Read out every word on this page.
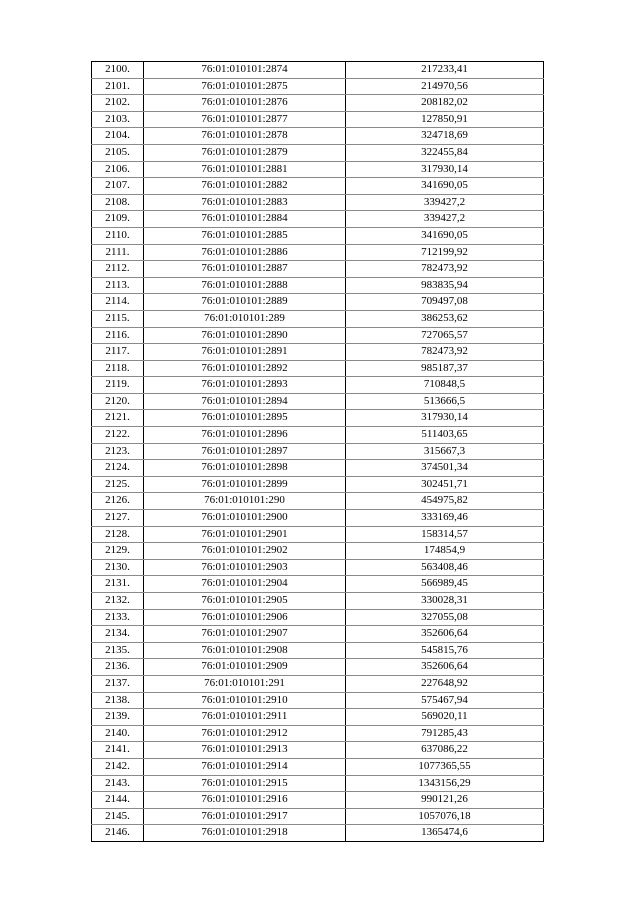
2100.	76:01:010101:2874	217233,41
2101.	76:01:010101:2875	214970,56
2102.	76:01:010101:2876	208182,02
2103.	76:01:010101:2877	127850,91
2104.	76:01:010101:2878	324718,69
2105.	76:01:010101:2879	322455,84
2106.	76:01:010101:2881	317930,14
2107.	76:01:010101:2882	341690,05
2108.	76:01:010101:2883	339427,2
2109.	76:01:010101:2884	339427,2
2110.	76:01:010101:2885	341690,05
2111.	76:01:010101:2886	712199,92
2112.	76:01:010101:2887	782473,92
2113.	76:01:010101:2888	983835,94
2114.	76:01:010101:2889	709497,08
2115.	76:01:010101:289	386253,62
2116.	76:01:010101:2890	727065,57
2117.	76:01:010101:2891	782473,92
2118.	76:01:010101:2892	985187,37
2119.	76:01:010101:2893	710848,5
2120.	76:01:010101:2894	513666,5
2121.	76:01:010101:2895	317930,14
2122.	76:01:010101:2896	511403,65
2123.	76:01:010101:2897	315667,3
2124.	76:01:010101:2898	374501,34
2125.	76:01:010101:2899	302451,71
2126.	76:01:010101:290	454975,82
2127.	76:01:010101:2900	333169,46
2128.	76:01:010101:2901	158314,57
2129.	76:01:010101:2902	174854,9
2130.	76:01:010101:2903	563408,46
2131.	76:01:010101:2904	566989,45
2132.	76:01:010101:2905	330028,31
2133.	76:01:010101:2906	327055,08
2134.	76:01:010101:2907	352606,64
2135.	76:01:010101:2908	545815,76
2136.	76:01:010101:2909	352606,64
2137.	76:01:010101:291	227648,92
2138.	76:01:010101:2910	575467,94
2139.	76:01:010101:2911	569020,11
2140.	76:01:010101:2912	791285,43
2141.	76:01:010101:2913	637086,22
2142.	76:01:010101:2914	1077365,55
2143.	76:01:010101:2915	1343156,29
2144.	76:01:010101:2916	990121,26
2145.	76:01:010101:2917	1057076,18
2146.	76:01:010101:2918	1365474,6
